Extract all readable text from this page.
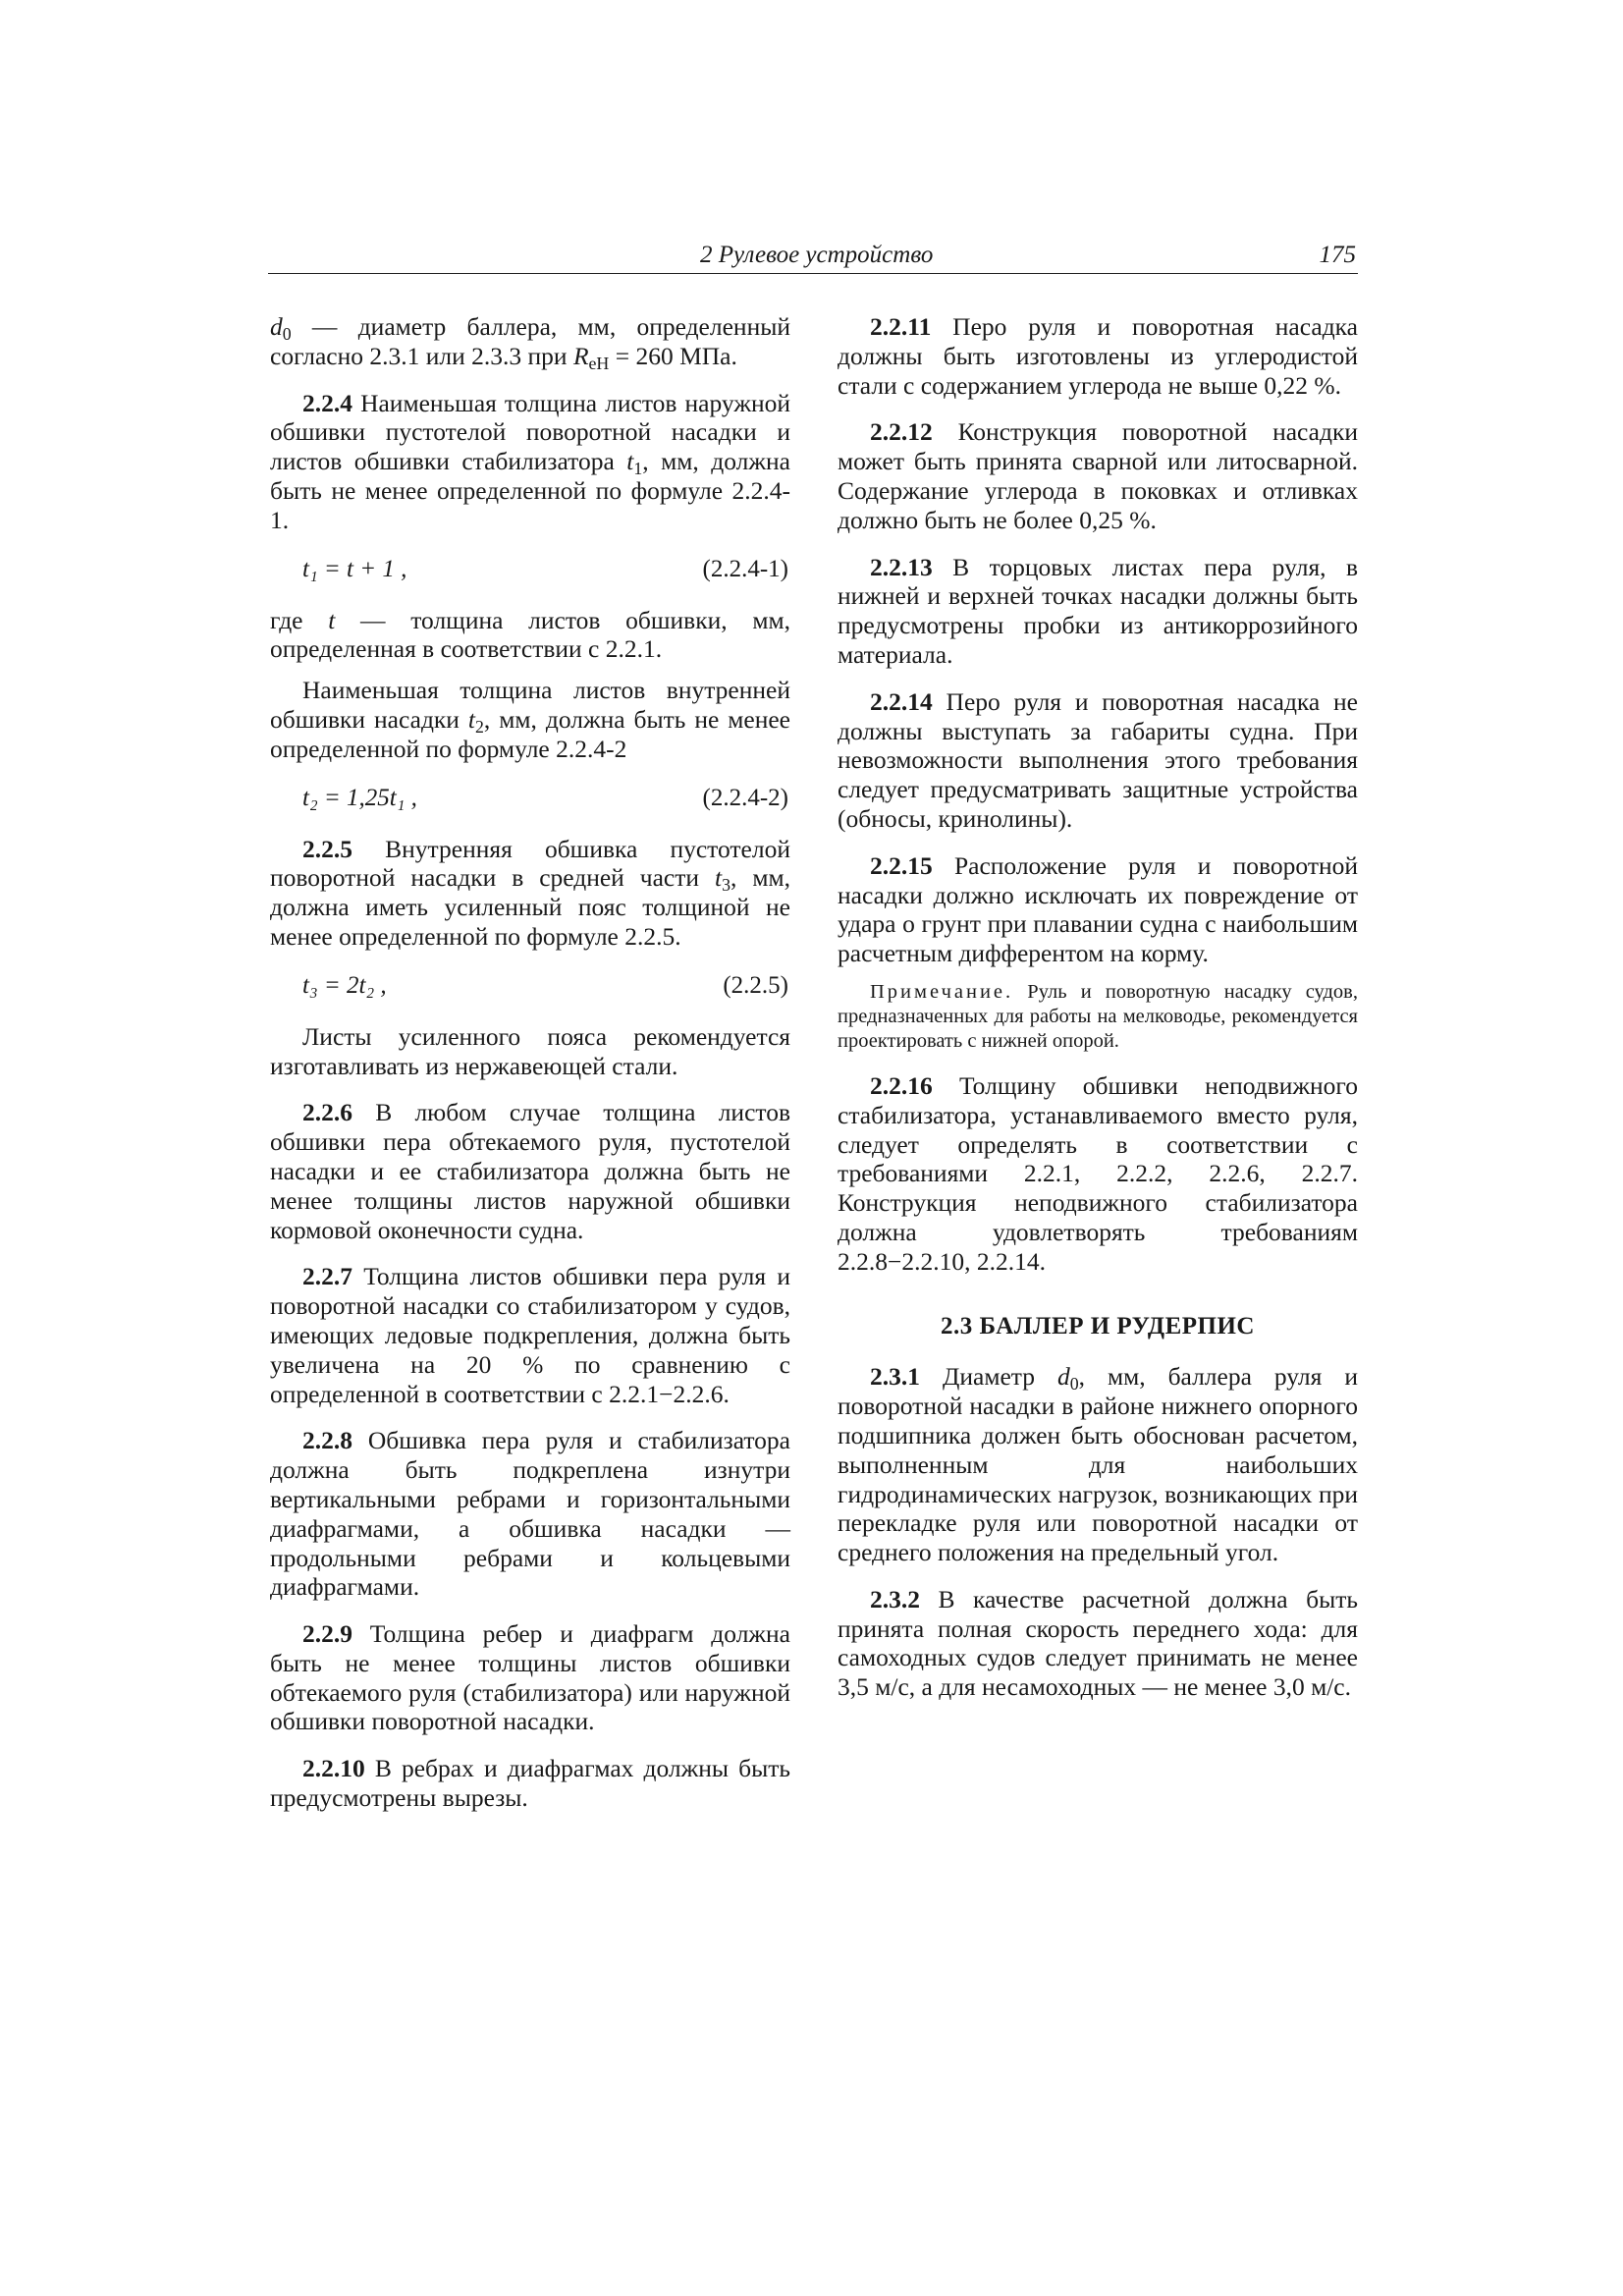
2 Рулевое устройство	175

$d_0$ — диаметр баллера, мм, определенный согласно 2.3.1 или 2.3.3 при $R_{eH} = 260$ МПа.

2.2.4 Наименьшая толщина листов наружной обшивки пустотелой поворотной насадки и листов обшивки стабилизатора $t_1$, мм, должна быть не менее определенной по формуле 2.2.4-1.

t₁ = t + 1 ,	(2.2.4-1)

где t — толщина листов обшивки, мм, определенная в соответствии с 2.2.1.

Наименьшая толщина листов внутренней обшивки насадки $t_2$, мм, должна быть не менее определенной по формуле 2.2.4-2

t₂ = 1,25t₁ ,	(2.2.4-2)

2.2.5 Внутренняя обшивка пустотелой поворотной насадки в средней части $t_3$, мм, должна иметь усиленный пояс толщиной не менее определенной по формуле 2.2.5.

t₃ = 2t₂ ,	(2.2.5)

Листы усиленного пояса рекомендуется изготавливать из нержавеющей стали.

2.2.6 В любом случае толщина листов обшивки пера обтекаемого руля, пустотелой насадки и ее стабилизатора должна быть не менее толщины листов наружной обшивки кормовой оконечности судна.

2.2.7 Толщина листов обшивки пера руля и поворотной насадки со стабилизатором у судов, имеющих ледовые подкрепления, должна быть увеличена на 20 % по сравнению с определенной в соответствии с 2.2.1−2.2.6.

2.2.8 Обшивка пера руля и стабилизатора должна быть подкреплена изнутри вертикальными ребрами и горизонтальными диафрагмами, а обшивка насадки — продольными ребрами и кольцевыми диафрагмами.

2.2.9 Толщина ребер и диафрагм должна быть не менее толщины листов обшивки обтекаемого руля (стабилизатора) или наружной обшивки поворотной насадки.

2.2.10 В ребрах и диафрагмах должны быть предусмотрены вырезы.

2.2.11 Перо руля и поворотная насадка должны быть изготовлены из углеродистой стали с содержанием углерода не выше 0,22 %.

2.2.12 Конструкция поворотной насадки может быть принята сварной или литосварной. Содержание углерода в поковках и отливках должно быть не более 0,25 %.

2.2.13 В торцовых листах пера руля, в нижней и верхней точках насадки должны быть предусмотрены пробки из антикоррозийного материала.

2.2.14 Перо руля и поворотная насадка не должны выступать за габариты судна. При невозможности выполнения этого требования следует предусматривать защитные устройства (обносы, кринолины).

2.2.15 Расположение руля и поворотной насадки должно исключать их повреждение от удара о грунт при плавании судна с наибольшим расчетным дифферентом на корму.

Примечание. Руль и поворотную насадку судов, предназначенных для работы на мелководье, рекомендуется проектировать с нижней опорой.

2.2.16 Толщину обшивки неподвижного стабилизатора, устанавливаемого вместо руля, следует определять в соответствии с требованиями 2.2.1, 2.2.2, 2.2.6, 2.2.7. Конструкция неподвижного стабилизатора должна удовлетворять требованиям 2.2.8−2.2.10, 2.2.14.

2.3 БАЛЛЕР И РУДЕРПИС

2.3.1 Диаметр $d_0$, мм, баллера руля и поворотной насадки в районе нижнего опорного подшипника должен быть обоснован расчетом, выполненным для наибольших гидродинамических нагрузок, возникающих при перекладке руля или поворотной насадки от среднего положения на предельный угол.

2.3.2 В качестве расчетной должна быть принята полная скорость переднего хода: для самоходных судов следует принимать не менее 3,5 м/с, а для несамоходных — не менее 3,0 м/с.
